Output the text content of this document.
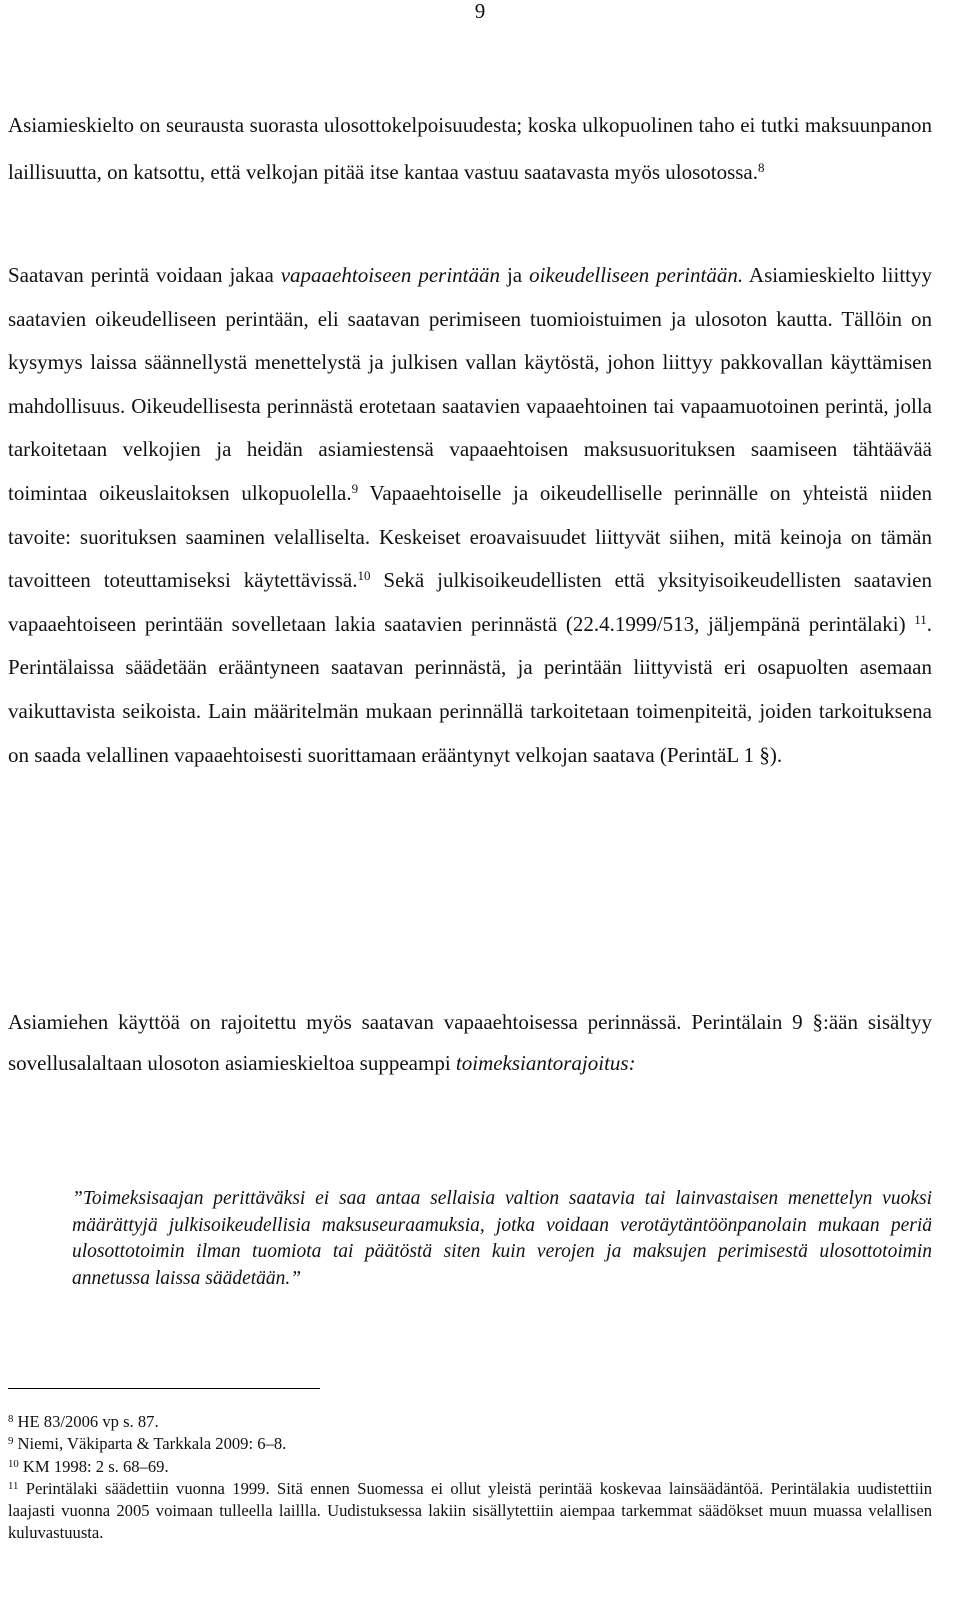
9

Asiamieskielto on seurausta suorasta ulosottokelpoisuudesta; koska ulkopuolinen taho ei tutki maksuunpanon laillisuutta, on katsottu, että velkojan pitää itse kantaa vastuu saatavasta myös ulosotossa.$^8$

Saatavan perintä voidaan jakaa vapaaehtoiseen perintään ja oikeudelliseen perintään. Asiamieskielto liittyy saatavien oikeudelliseen perintään, eli saatavan perimiseen tuomioistuimen ja ulosoton kautta. Tällöin on kysymys laissa säännellystä menettelystä ja julkisen vallan käytöstä, johon liittyy pakkovallan käyttämisen mahdollisuus. Oikeudellisesta perinnästä erotetaan saatavien vapaaehtoinen tai vapaamuotoinen perintä, jolla tarkoitetaan velkojien ja heidän asiamiestensä vapaaehtoisen maksusuorituksen saamiseen tähtäävää toimintaa oikeuslaitoksen ulkopuolella.$^9$ Vapaaehtoiselle ja oikeudelliselle perinnälle on yhteistä niiden tavoite: suorituksen saaminen velalliselta. Keskeiset eroavaisuudet liittyvät siihen, mitä keinoja on tämän tavoitteen toteuttamiseksi käytettävissä.$^{10}$ Sekä julkisoikeudellisten että yksityisoikeudellisten saatavien vapaaehtoiseen perintään sovelletaan lakia saatavien perinnästä (22.4.1999/513, jäljempänä perintälaki) $^{11}$. Perintälaissa säädetään erääntyneen saatavan perinnästä, ja perintään liittyvistä eri osapuolten asemaan vaikuttavista seikoista. Lain määritelmän mukaan perinnällä tarkoitetaan toimenpiteitä, joiden tarkoituksena on saada velallinen vapaaehtoisesti suorittamaan erääntynyt velkojan saatava (PerintäL 1 §).

Asiamiehen käyttöä on rajoitettu myös saatavan vapaaehtoisessa perinnässä. Perintälain 9 §:ään sisältyy sovellusalaltaan ulosoton asiamieskieltoa suppeampi toimeksiantorajoitus:

”Toimeksisaajan perittäväksi ei saa antaa sellaisia valtion saatavia tai lainvastaisen menettelyn vuoksi määrättyjä julkisoikeudellisia maksuseuraamuksia, jotka voidaan verotäytäntöönpanolain mukaan periä ulosottotoimin ilman tuomiota tai päätöstä siten kuin verojen ja maksujen perimisestä ulosottotoimin annetussa laissa säädetään.”

$^8$ HE 83/2006 vp s. 87.

$^9$ Niemi, Väkiparta & Tarkkala 2009: 6–8.

$^{10}$ KM 1998: 2 s. 68–69.

$^{11}$ Perintälaki säädettiin vuonna 1999. Sitä ennen Suomessa ei ollut yleistä perintää koskevaa lainsäädäntöä. Perintälakia uudistettiin laajasti vuonna 2005 voimaan tulleella laillla. Uudistuksessa lakiin sisällytettiin aiempaa tarkemmat säädökset muun muassa velallisen kuluvastuusta.
